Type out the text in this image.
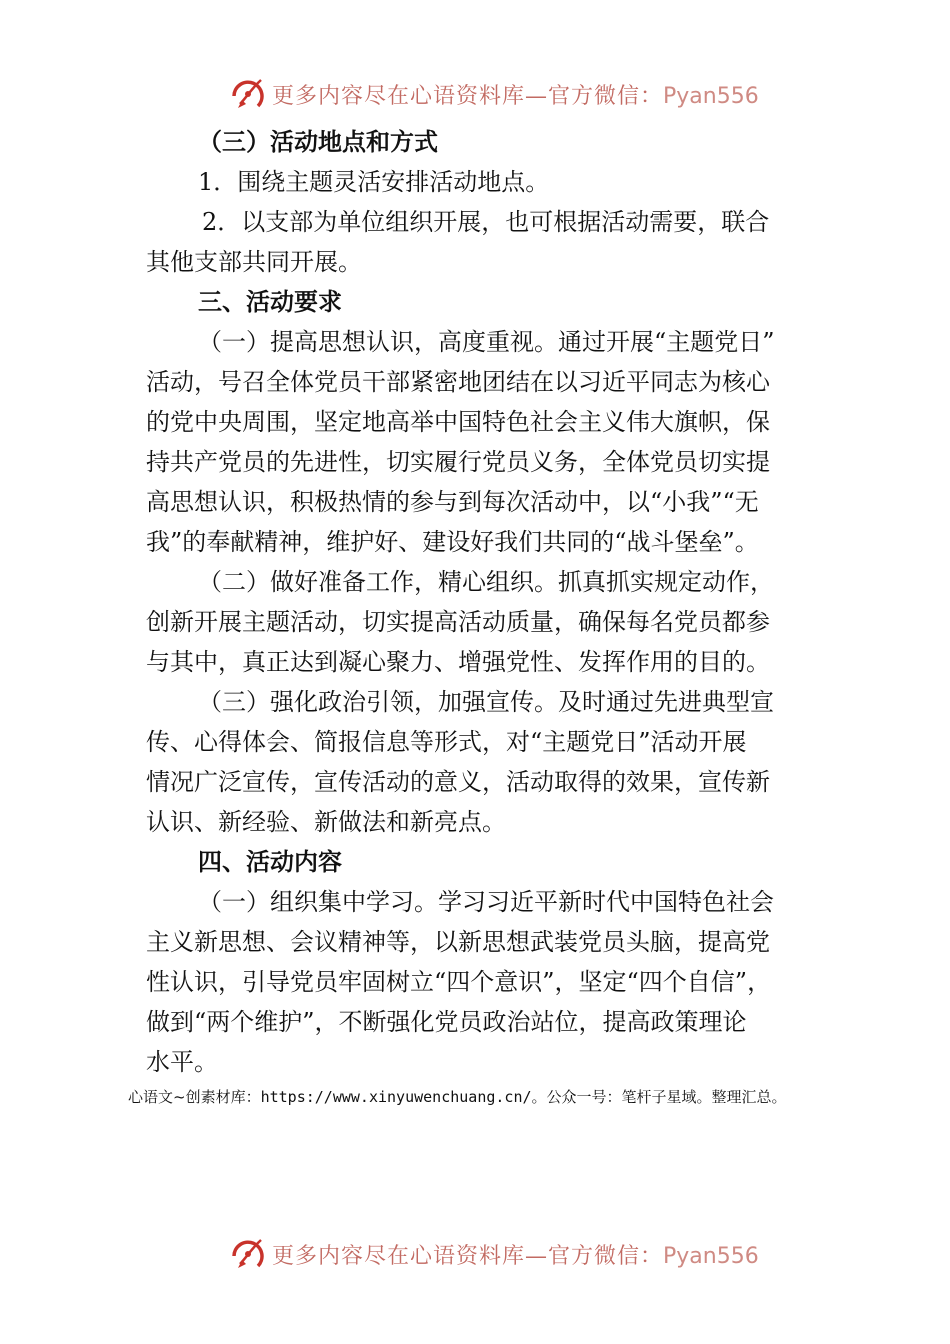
更多内容尽在心语资料库—官方微信：Pyan556
（三）活动地点和方式
1．围绕主题灵活安排活动地点。
2．以支部为单位组织开展，也可根据活动需要，联合
其他支部共同开展。
三、活动要求
（一）提高思想认识，高度重视。通过开展“主题党日”
活动，号召全体党员干部紧密地团结在以习近平同志为核心
的党中央周围，坚定地高举中国特色社会主义伟大旗帜，保
持共产党员的先进性，切实履行党员义务，全体党员切实提
高思想认识，积极热情的参与到每次活动中，以“小我”“无
我”的奉献精神，维护好、建设好我们共同的“战斗堡垒”。
（二）做好准备工作，精心组织。抓真抓实规定动作，
创新开展主题活动，切实提高活动质量，确保每名党员都参
与其中，真正达到凝心聚力、增强党性、发挥作用的目的。
（三）强化政治引领，加强宣传。及时通过先进典型宣
传、心得体会、简报信息等形式，对“主题党日”活动开展
情况广泛宣传，宣传活动的意义，活动取得的效果，宣传新
认识、新经验、新做法和新亮点。
四、活动内容
（一）组织集中学习。学习习近平新时代中国特色社会
主义新思想、会议精神等，以新思想武装党员头脑，提高党
性认识，引导党员牢固树立“四个意识”，坚定“四个自信”，
做到“两个维护”，不断强化党员政治站位，提高政策理论
水平。
心语文~创素材库：https://www.xinyuwenchuang.cn/。公众一号：笔杆子星域。整理汇总。
更多内容尽在心语资料库—官方微信：Pyan556
